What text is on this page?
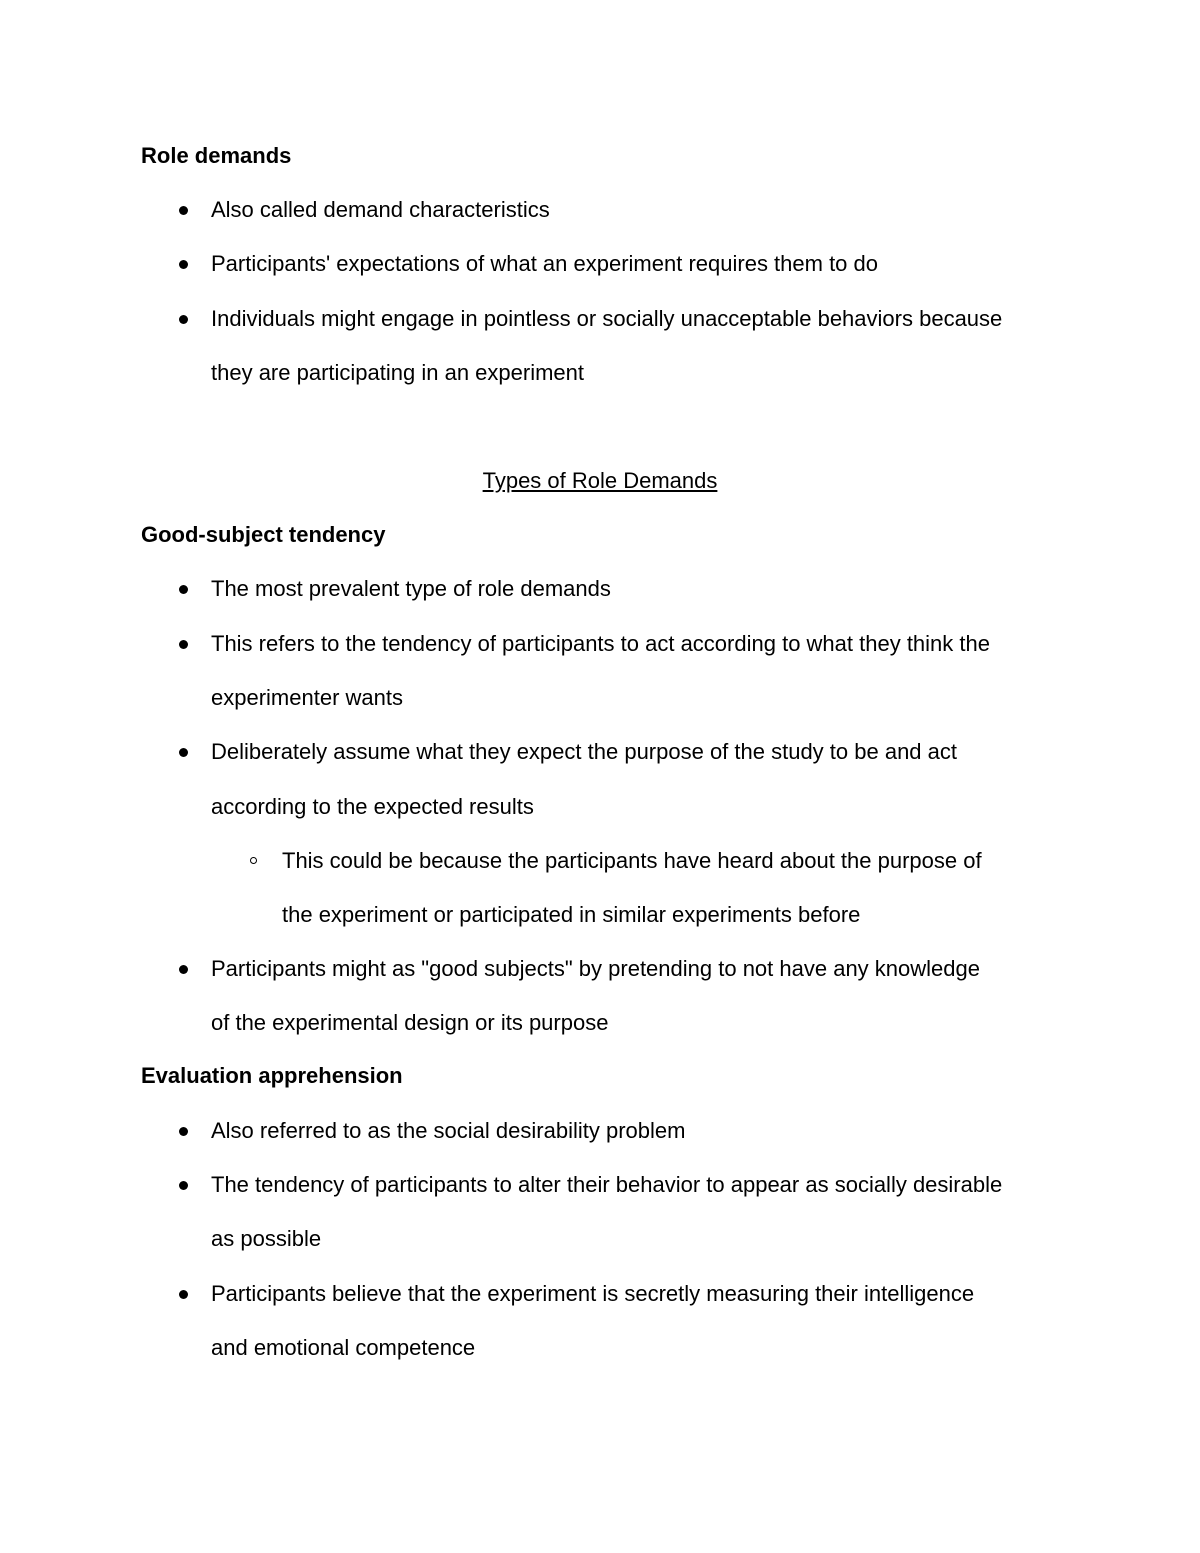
Role demands
Also called demand characteristics
Participants' expectations of what an experiment requires them to do
Individuals might engage in pointless or socially unacceptable behaviors because
they are participating in an experiment
Types of Role Demands
Good-subject tendency
The most prevalent type of role demands
This refers to the tendency of participants to act according to what they think the
experimenter wants
Deliberately assume what they expect the purpose of the study to be and act
according to the expected results
This could be because the participants have heard about the purpose of
the experiment or participated in similar experiments before
Participants might as "good subjects" by pretending to not have any knowledge
of the experimental design or its purpose
Evaluation apprehension
Also referred to as the social desirability problem
The tendency of participants to alter their behavior to appear as socially desirable
as possible
Participants believe that the experiment is secretly measuring their intelligence
and emotional competence
